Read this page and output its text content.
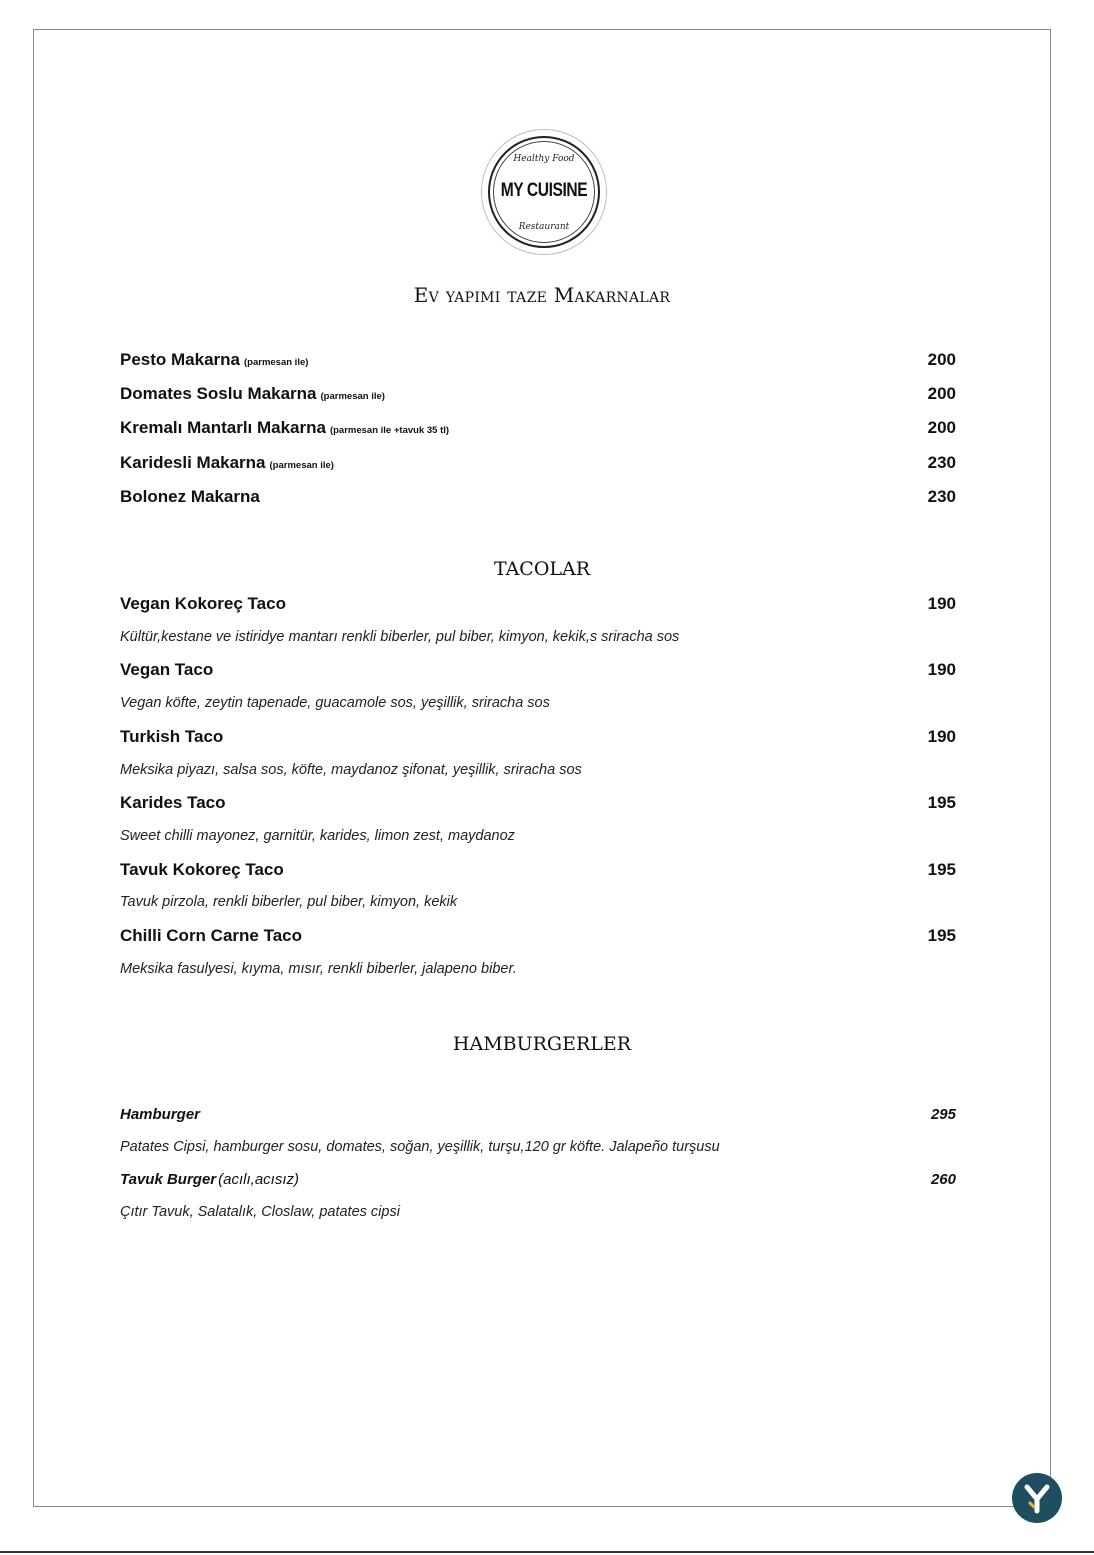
Healthy Food
MY CUISINE
Restaurant
Ev yapımı taze Makarnalar
Pesto Makarna (parmesan ile)	200
Domates Soslu Makarna (parmesan ile)	200
Kremalı Mantarlı Makarna (parmesan ile +tavuk 35 tl)	200
Karidesli Makarna (parmesan ile)	230
Bolonez Makarna	230
TACOLAR
Vegan Kokoreç Taco	190
Kültür,kestane ve istiridye mantarı renkli biberler, pul biber, kimyon, kekik,s sriracha sos
Vegan Taco	190
Vegan köfte, zeytin tapenade, guacamole sos, yeşillik, sriracha sos
Turkish Taco	190
Meksika piyazı, salsa sos, köfte, maydanoz şifonat, yeşillik, sriracha sos
Karides Taco	195
Sweet chilli mayonez, garnitür, karides, limon zest, maydanoz
Tavuk Kokoreç Taco	195
Tavuk pirzola, renkli biberler, pul biber, kimyon, kekik
Chilli Corn Carne Taco	195
Meksika fasulyesi, kıyma, mısır, renkli biberler, jalapeno biber.
HAMBURGERLER
Hamburger	295
Patates Cipsi, hamburger sosu, domates, soğan, yeşillik, turşu,120 gr köfte. Jalapeño turşusu
Tavuk Burger (acılı,acısız)	260
Çıtır Tavuk, Salatalık, Closlaw, patates cipsi
